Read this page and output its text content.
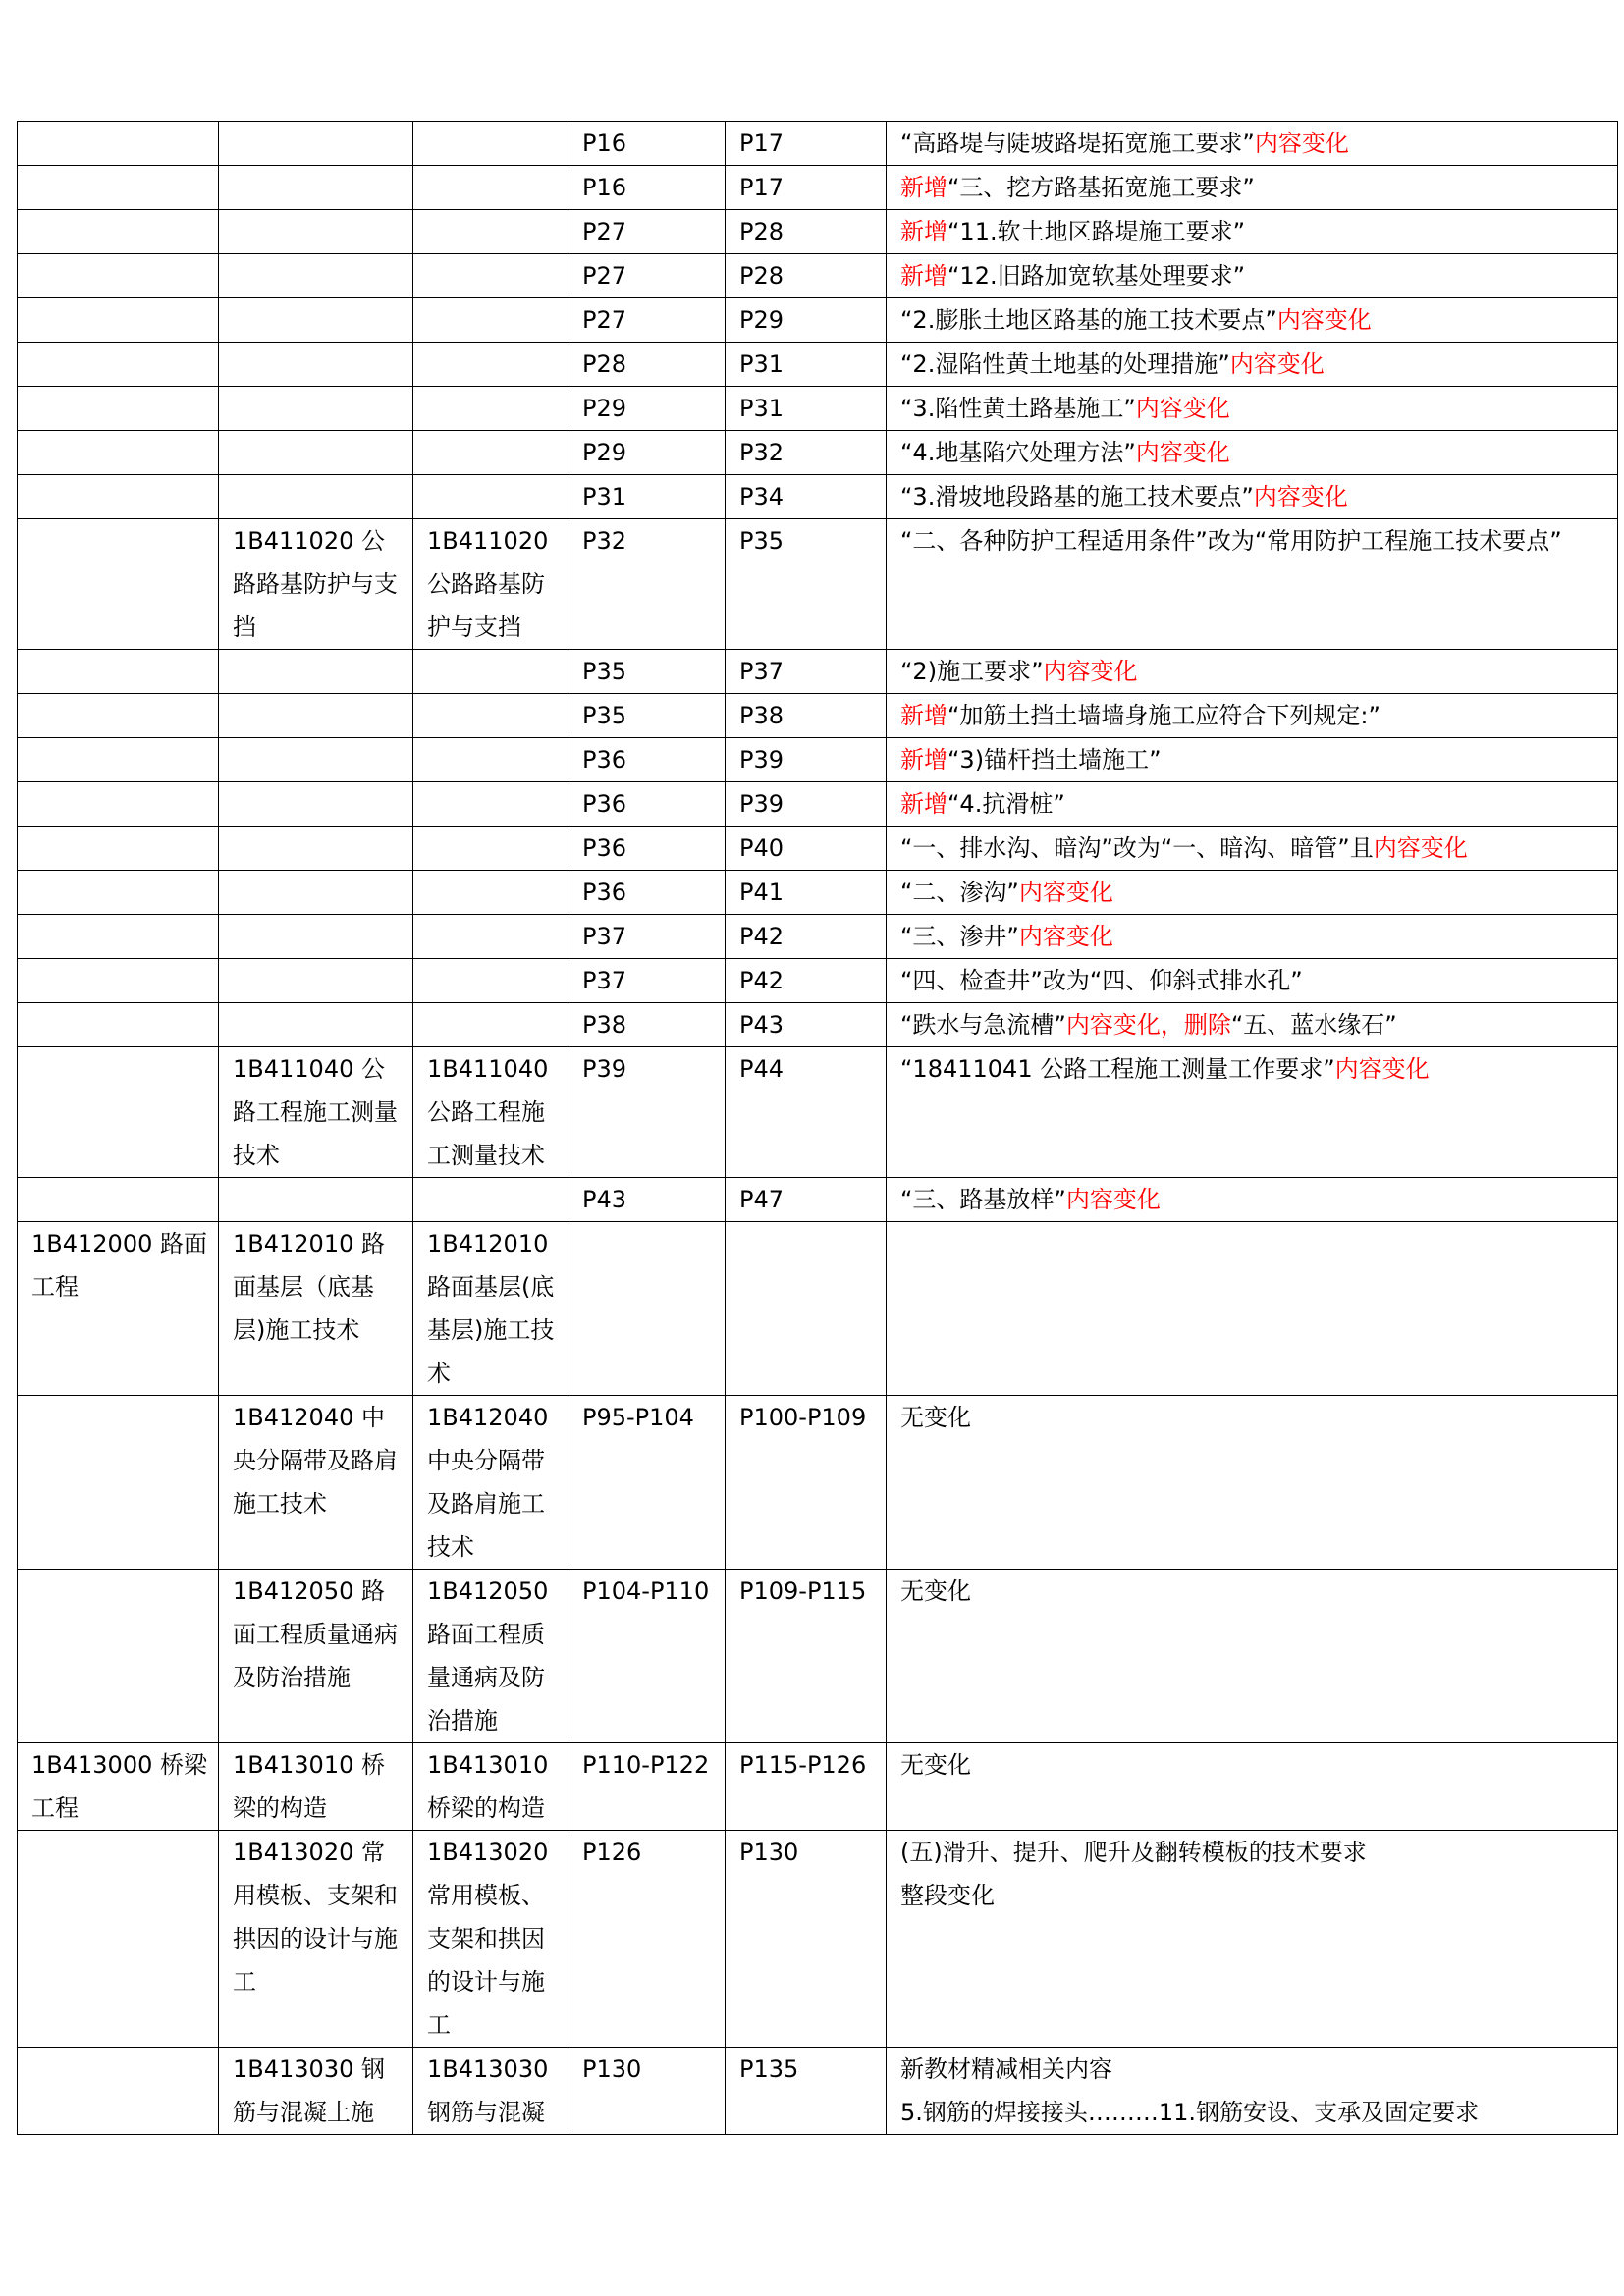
			P16	P17	“高路堤与陡坡路堤拓宽施工要求”内容变化
			P16	P17	新增“三、挖方路基拓宽施工要求”
			P27	P28	新增“11.软土地区路堤施工要求”
			P27	P28	新增“12.旧路加宽软基处理要求”
			P27	P29	“2.膨胀土地区路基的施工技术要点”内容变化
			P28	P31	“2.湿陷性黄土地基的处理措施”内容变化
			P29	P31	“3.陷性黄土路基施工”内容变化
			P29	P32	“4.地基陷穴处理方法”内容变化
			P31	P34	“3.滑坡地段路基的施工技术要点”内容变化
	1B411020 公路路基防护与支挡	1B411020 公路路基防护与支挡	P32	P35	“二、各种防护工程适用条件”改为“常用防护工程施工技术要点”
			P35	P37	“2)施工要求”内容变化
			P35	P38	新增“加筋土挡土墙墙身施工应符合下列规定:”
			P36	P39	新增“3)锚杆挡土墙施工”
			P36	P39	新增“4.抗滑桩”
			P36	P40	“一、排水沟、暗沟”改为“一、暗沟、暗管”且内容变化
			P36	P41	“二、渗沟”内容变化
			P37	P42	“三、渗井”内容变化
			P37	P42	“四、检查井”改为“四、仰斜式排水孔”
			P38	P43	“跌水与急流槽”内容变化，删除“五、蓝水缘石”
	1B411040 公路工程施工测量技术	1B411040 公路工程施工测量技术	P39	P44	“18411041 公路工程施工测量工作要求”内容变化
			P43	P47	“三、路基放样”内容变化
1B412000 路面工程	1B412010 路面基层（底基层)施工技术	1B412010 路面基层(底基层)施工技术			
	1B412040 中央分隔带及路肩施工技术	1B412040 中央分隔带及路肩施工技术	P95-P104	P100-P109	无变化
	1B412050 路面工程质量通病及防治措施	1B412050 路面工程质量通病及防治措施	P104-P110	P109-P115	无变化
1B413000 桥梁工程	1B413010 桥梁的构造	1B413010 桥梁的构造	P110-P122	P115-P126	无变化
	1B413020 常用模板、支架和拱因的设计与施工	1B413020 常用模板、支架和拱因的设计与施工	P126	P130	(五)滑升、提升、爬升及翻转模板的技术要求
整段变化
	1B413030 钢筋与混凝土施	1B413030 钢筋与混凝	P130	P135	新教材精减相关内容
5.钢筋的焊接接头………11.钢筋安设、支承及固定要求
